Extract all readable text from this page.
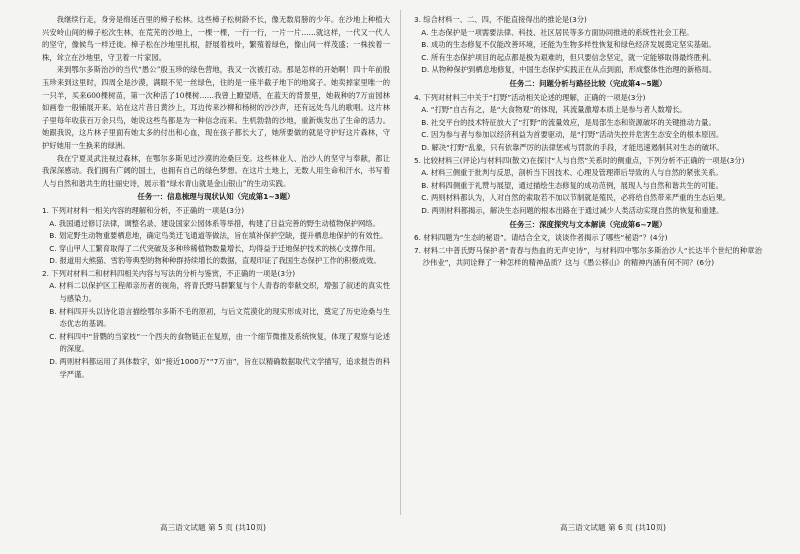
我继续行走，身旁是绵延百里的樟子松林。这些樟子松树龄不长，像无数肩膀的少年。在沙地上种植大兴安岭山间的樟子松次生林，在荒芜的沙地上，一棵一棵，一行一行，一片一片……就这样，一代又一代人的坚守，像候鸟一样迁徙。樟子松在沙地里扎根，舒展着枝叶，繁殖着绿色，像山间一样茂盛；一株挨着一株，耸立在沙地里，守卫着一片家园。

来到鄂尔多斯治沙的当代“愚公”殷玉珍的绿色营地，我又一次被打动。那是怎样的开始啊！四十年前殷玉珍来到这里时，四周全是沙漠，满眼不见一丝绿色，住的是一座半截子地下的地窝子。她卖掉家里唯一的一只羊，买来600棵树苗，第一次种活了10棵树……我曾上瞭望塔，在蓝天的背景里，她栽种的7万亩园林如画卷一般铺展开来。站在这片昔日黄沙上，耳边传来沙柳和杨树的沙沙声，还有远处鸟儿的歌唱。这片林子里每年收获百万余只鸟，她说这些鸟都是为一种信念而来。生机勃勃的沙地，重新焕发出了生命的活力。她跟我说，这片林子里面有她太多的付出和心血，现在孩子都长大了，她所要做的就是守护好这片森林，守护好她用一生换来的绿洲。

我在宁夏灵武注视过森林，在鄂尔多斯见过沙漠的沧桑巨变。这些林业人、治沙人的坚守与奉献，都让我深深感动。我们拥有广阔的国土，也拥有自己的绿色梦想。在这片土地上，无数人用生命和汗水，书写着人与自然和谐共生的壮丽史诗，展示着“绿水青山就是金山银山”的生动实践。

任务一：信息梳理与现状认知（完成第1~3题）

1. 下列对材料一相关内容的理解和分析，不正确的一项是(3分)

A. 我国通过修订法律，调整名录、建设国家公园体系等举措，构建了日益完善的野生动植物保护网络。

B. 划定野生动物重要栖息地，确定鸟类迁飞通道等做法，旨在填补保护空缺，提升栖息地保护的有效性。

C. 穿山甲人工繁育取得了二代突破及多种珍稀植物数量增长，均得益于迁地保护技术的核心支撑作用。

D. 报道用大熊猫、雪豹等典型的物种种群持续增长的数据，直观印证了我国生态保护工作的积极成效。

2. 下列对材料二和材料四相关内容与写法的分析与鉴赏，不正确的一项是(3分)

A. 材料二以保护区工程师亲历者的视角，将青氏野马群繁复与个人青春的奉献交织，增强了叙述的真实性与感染力。

B. 材料四开头以诗化语言描绘鄂尔多斯不毛的原初，与后文荒漠化的现实形成对比，奠定了历史沧桑与生态优志的基调。

C. 材料四中“昔鹦的当家枝”一个西夫的食物链正在复原，由一个细节微推及系统恢复，体现了观察与论述的深度。

D. 两则材料都运用了具体数字，如“接近1000万”“7万亩”，旨在以精确数据取代文学描写，追求报告的科学严谨。

3. 综合材料一、二、四，不能直接得出的推论是(3分)

A. 生态保护是一项需要法律、科技、社区居民等多方面协同推进的系统性社会工程。

B. 成功的生态修复不仅能改善环境，还能为生物多样性恢复和绿色经济发展奠定坚实基础。

C. 所有生态保护项目的起点都是极为艰难的，但只要信念坚定，就一定能够取得最终胜利。

D. 从物种保护到栖息地修复，中国生态保护实践正在从点到面，形成整体性治理的新格局。

任务二：问题分析与路径比较（完成第4~5题）

4. 下列对材料三中关于“打野”活动相关论述的理解，正确的一项是(3分)

A. “打野”自古有之，是“大食物观”的体现，其流量激增本质上是参与者人数增长。

B. 社交平台的技术特征放大了“打野”的流量效应，是局部生态和资源破坏的关键推动力量。

C. 因为参与者与参加以经济利益为首要驱动，是“打野”活动失控并危害生态安全的根本原因。

D. 解决“打野”乱象，只有依靠严厉的法律惩戒与罚款的手段，才能迅速遏制其对生态的破坏。

5. 比较材料三(评论)与材料四(散文)在探讨“人与自然”关系时的侧重点，下列分析不正确的一项是(3分)

A. 材料三侧重于批判与反思，剖析当下因技术、心理及管理滞后导致的人与自然的紧张关系。

B. 材料四侧重于礼赞与展望，通过描绘生态修复的成功范例，展现人与自然和谐共生的可能。

C. 两则材料都认为，人对自然的索取若不加以节制就是殖民，必将给自然带来严重的生态后果。

D. 两则材料都揭示，解决生态问题的根本出路在于通过减少人类活动实现自然的恢复和重建。

任务三：深度探究与文本解读（完成第6~7题）

6. 材料四题为“生态的秘语”。请结合全文，谈谈作者揭示了哪些“秘语”？(4分)

7. 材料二中普氏野马保护者“青春与热血的无声史诗”，与材料四中鄂尔多斯治沙人“长达半个世纪的种章治沙伟业”，共同诠释了一种怎样的精神品质？这与《愚公移山》的精神内涵有何不同？(6分)

高三语文试题 第 5 页 (共10页)	高三语文试题 第 6 页 (共10页)
